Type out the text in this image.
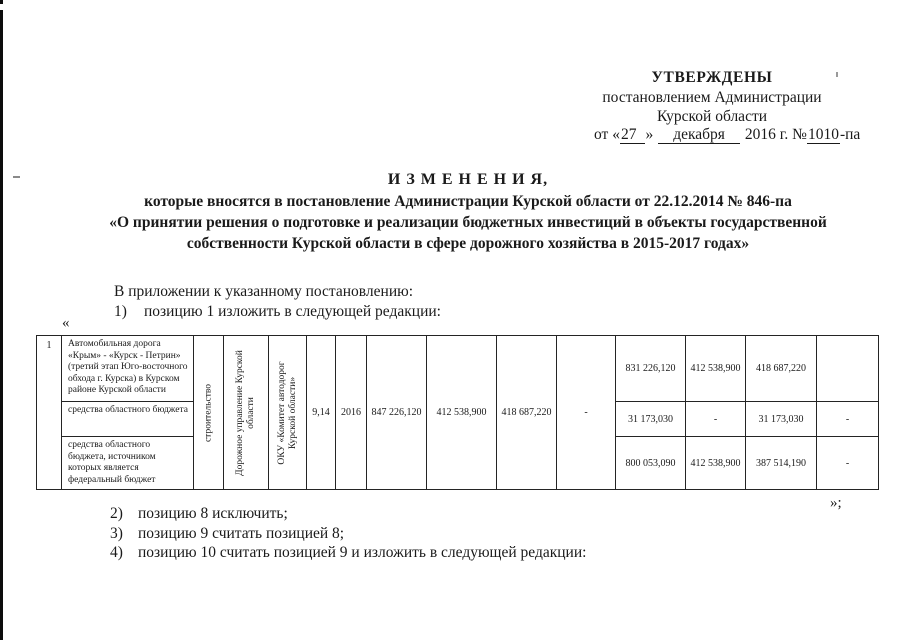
УТВЕРЖДЕНЫ
постановлением Администрации
Курской области
от «27 » декабря 2016 г. №1010-па
И З М Е Н Е Н И Я,
которые вносятся в постановление Администрации Курской области от 22.12.2014 № 846-па
«О принятии решения о подготовке и реализации бюджетных инвестиций в объекты государственной
собственности Курской области в сфере дорожного хозяйства в 2015-2017 годах»
В приложении к указанному постановлению:
1) позицию 1 изложить в следующей редакции:
«
1	Автомобильная дорога «Крым» - «Курск - Петрин» (третий этап Юго-восточного обхода г. Курска) в Курском районе Курской области	строительство	Дорожное управление Курской области	ОКУ «Комитет автодорог Курской области»	9,14	2016	847 226,120	412 538,900	418 687,220	-	831 226,120	412 538,900	418 687,220	
	средства областного бюджета										31 173,030	-	31 173,030	-
	средства областного бюджета, источником которых является федеральный бюджет										800 053,090	412 538,900	387 514,190	-
»;
2) позицию 8 исключить;
3) позицию 9 считать позицией 8;
4) позицию 10 считать позицией 9 и изложить в следующей редакции:
